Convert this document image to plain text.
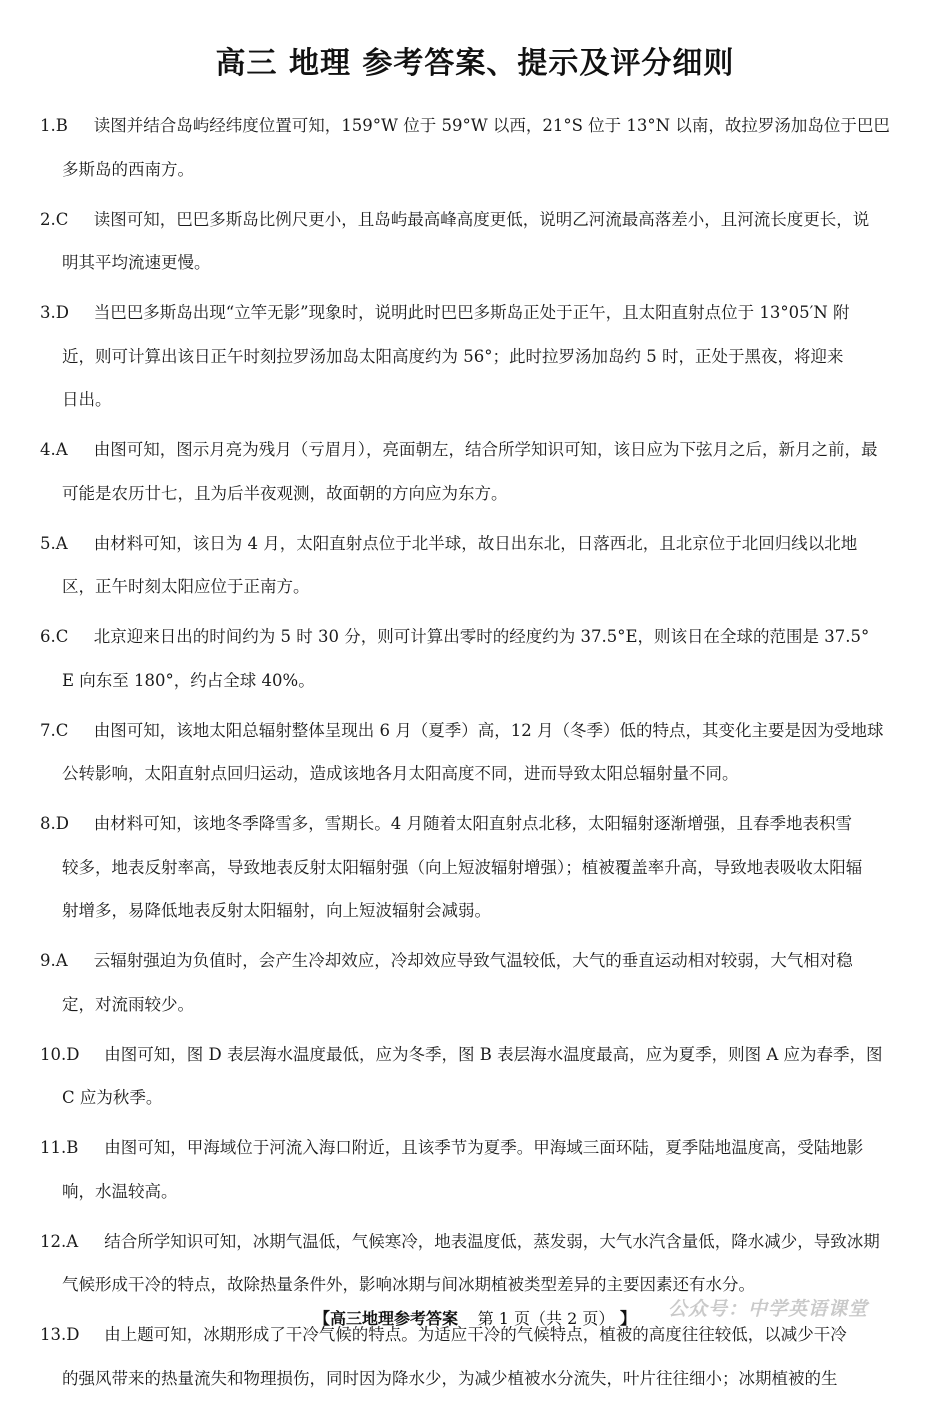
高三 地理 参考答案、提示及评分细则
1.B 读图并结合岛屿经纬度位置可知，159°W 位于 59°W 以西，21°S 位于 13°N 以南，故拉罗汤加岛位于巴巴
多斯岛的西南方。
2.C 读图可知，巴巴多斯岛比例尺更小，且岛屿最高峰高度更低，说明乙河流最高落差小，且河流长度更长，说
明其平均流速更慢。
3.D 当巴巴多斯岛出现“立竿无影”现象时，说明此时巴巴多斯岛正处于正午，且太阳直射点位于 13°05′N 附
近，则可计算出该日正午时刻拉罗汤加岛太阳高度约为 56°；此时拉罗汤加岛约 5 时，正处于黑夜，将迎来
日出。
4.A 由图可知，图示月亮为残月（亏眉月），亮面朝左，结合所学知识可知，该日应为下弦月之后，新月之前，最
可能是农历廿七，且为后半夜观测，故面朝的方向应为东方。
5.A 由材料可知，该日为 4 月，太阳直射点位于北半球，故日出东北，日落西北，且北京位于北回归线以北地
区，正午时刻太阳应位于正南方。
6.C 北京迎来日出的时间约为 5 时 30 分，则可计算出零时的经度约为 37.5°E，则该日在全球的范围是 37.5°
E 向东至 180°，约占全球 40%。
7.C 由图可知，该地太阳总辐射整体呈现出 6 月（夏季）高，12 月（冬季）低的特点，其变化主要是因为受地球
公转影响，太阳直射点回归运动，造成该地各月太阳高度不同，进而导致太阳总辐射量不同。
8.D 由材料可知，该地冬季降雪多，雪期长。4 月随着太阳直射点北移，太阳辐射逐渐增强，且春季地表积雪
较多，地表反射率高，导致地表反射太阳辐射强（向上短波辐射增强）；植被覆盖率升高，导致地表吸收太阳辐
射增多，易降低地表反射太阳辐射，向上短波辐射会减弱。
9.A 云辐射强迫为负值时，会产生冷却效应，冷却效应导致气温较低，大气的垂直运动相对较弱，大气相对稳
定，对流雨较少。
10.D 由图可知，图 D 表层海水温度最低，应为冬季，图 B 表层海水温度最高，应为夏季，则图 A 应为春季，图
C 应为秋季。
11.B 由图可知，甲海域位于河流入海口附近，且该季节为夏季。甲海域三面环陆，夏季陆地温度高，受陆地影
响，水温较高。
12.A 结合所学知识可知，冰期气温低，气候寒冷，地表温度低，蒸发弱，大气水汽含量低，降水减少，导致冰期
气候形成干冷的特点，故除热量条件外，影响冰期与间冰期植被类型差异的主要因素还有水分。
13.D 由上题可知，冰期形成了干冷气候的特点。为适应干冷的气候特点，植被的高度往往较低，以减少干冷
的强风带来的热量流失和物理损伤，同时因为降水少，为减少植被水分流失，叶片往往细小；冰期植被的生
【高三地理参考答案 第 1 页（共 2 页） 】	公众号：中学英语课堂
